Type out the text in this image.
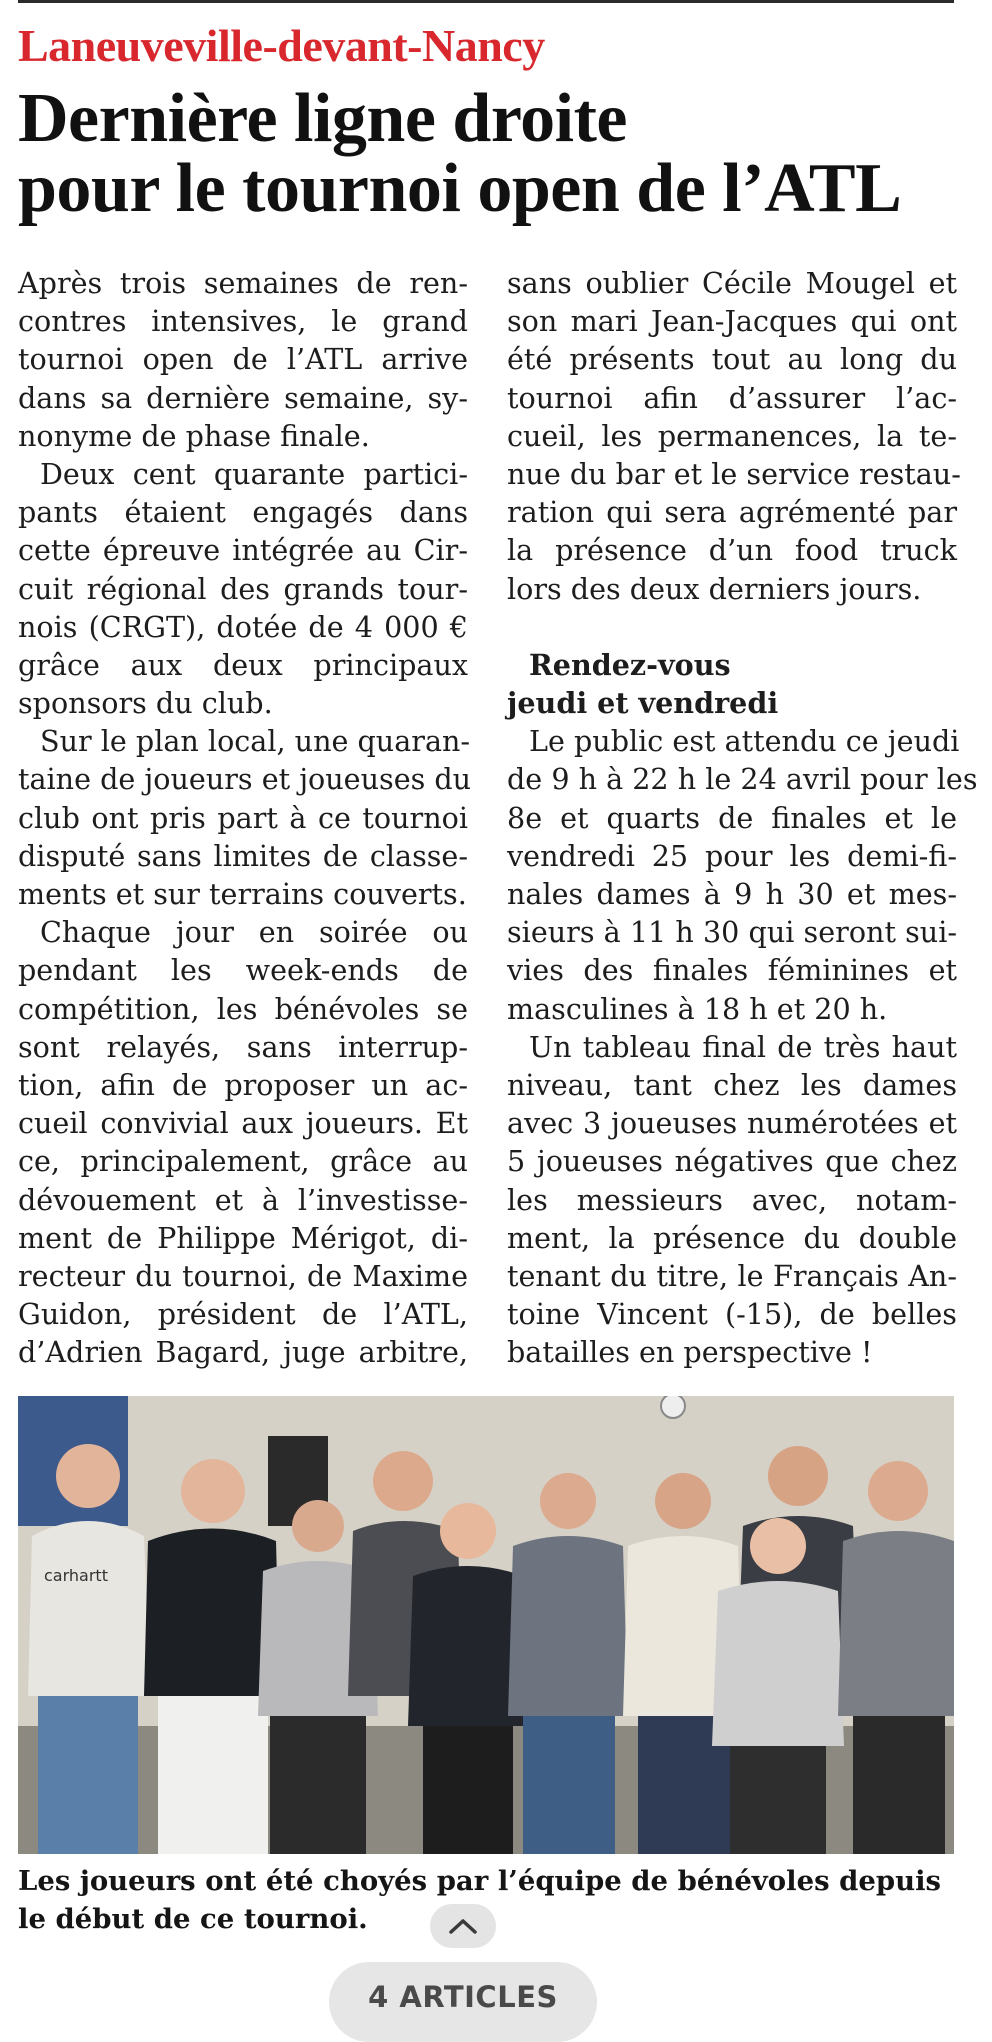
Laneuveville-devant-Nancy
Dernière ligne droite
pour le tournoi open de l’ATL
Après trois semaines de ren-
contres intensives, le grand
tournoi open de l’ATL arrive
dans sa dernière semaine, sy-
nonyme de phase finale.
Deux cent quarante partici-
pants étaient engagés dans
cette épreuve intégrée au Cir-
cuit régional des grands tour-
nois (CRGT), dotée de 4 000 €
grâce aux deux principaux
sponsors du club.
Sur le plan local, une quaran-
taine de joueurs et joueuses du
club ont pris part à ce tournoi
disputé sans limites de classe-
ments et sur terrains couverts.
Chaque jour en soirée ou
pendant les week-ends de
compétition, les bénévoles se
sont relayés, sans interrup-
tion, afin de proposer un ac-
cueil convivial aux joueurs. Et
ce, principalement, grâce au
dévouement et à l’investisse-
ment de Philippe Mérigot, di-
recteur du tournoi, de Maxime
Guidon, président de l’ATL,
d’Adrien Bagard, juge arbitre,
sans oublier Cécile Mougel et
son mari Jean-Jacques qui ont
été présents tout au long du
tournoi afin d’assurer l’ac-
cueil, les permanences, la te-
nue du bar et le service restau-
ration qui sera agrémenté par
la présence d’un food truck
lors des deux derniers jours.
Rendez-vous
jeudi et vendredi
Le public est attendu ce jeudi
de 9 h à 22 h le 24 avril pour les
8e et quarts de finales et le
vendredi 25 pour les demi-fi-
nales dames à 9 h 30 et mes-
sieurs à 11 h 30 qui seront sui-
vies des finales féminines et
masculines à 18 h et 20 h.
Un tableau final de très haut
niveau, tant chez les dames
avec 3 joueuses numérotées et
5 joueuses négatives que chez
les messieurs avec, notam-
ment, la présence du double
tenant du titre, le Français An-
toine Vincent (-15), de belles
batailles en perspective !
carhartt
Les joueurs ont été choyés par l’équipe de bénévoles depuis
le début de ce tournoi.
4 ARTICLES
